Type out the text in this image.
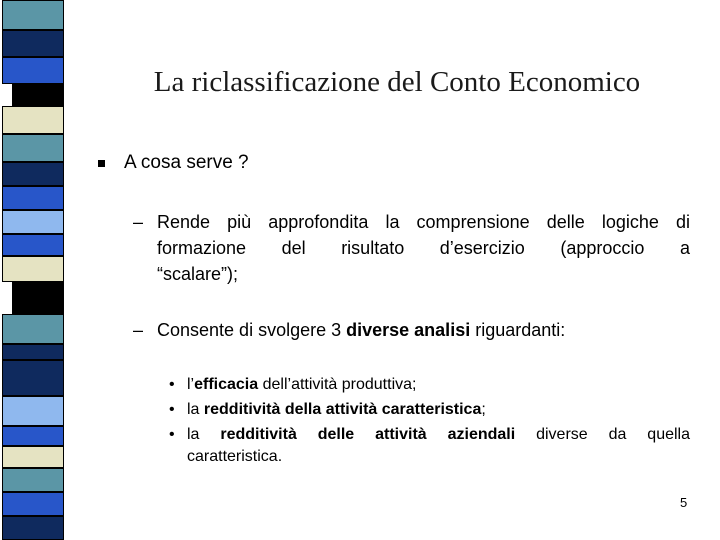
La riclassificazione del Conto Economico
A cosa serve ?
– Rende più approfondita la comprensione delle logiche di
formazione del risultato d’esercizio (approccio a
“scalare”);
– Consente di svolgere 3 diverse analisi riguardanti:
• l’efficacia dell’attività produttiva;
• la redditività della attività caratteristica;
• la redditività delle attività aziendali diverse da quella
caratteristica.
5
